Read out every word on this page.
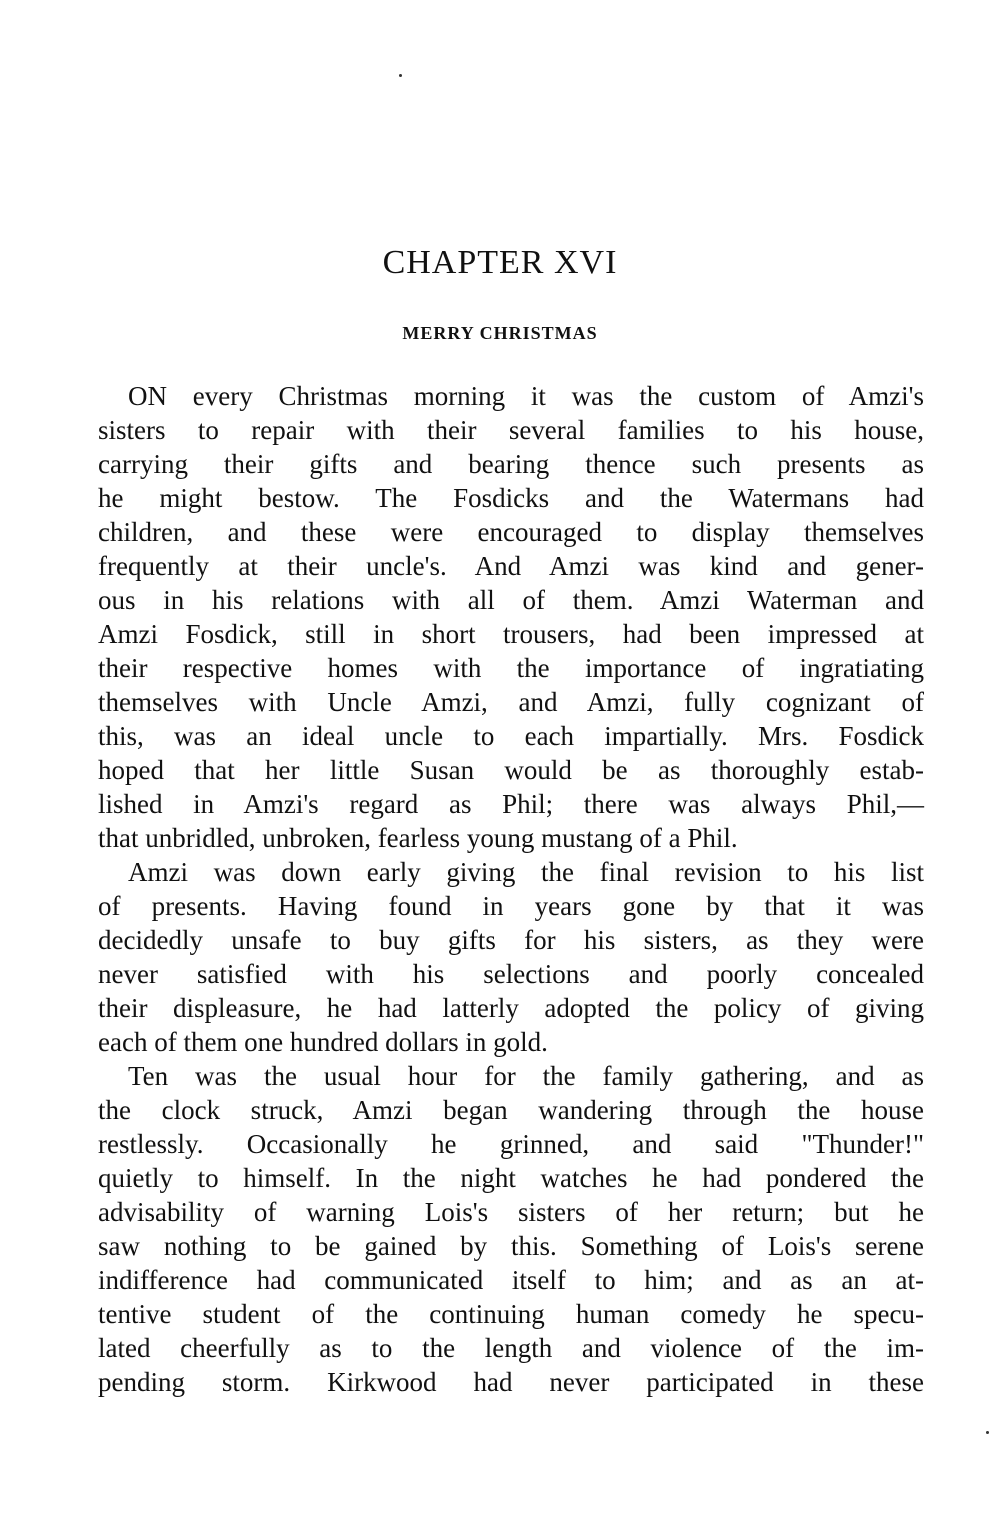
CHAPTER XVI
MERRY CHRISTMAS
ON every Christmas morning it was the custom of Amzi's
sisters to repair with their several families to his house,
carrying their gifts and bearing thence such presents as
he might bestow. The Fosdicks and the Watermans had
children, and these were encouraged to display themselves
frequently at their uncle's. And Amzi was kind and gener-
ous in his relations with all of them. Amzi Waterman and
Amzi Fosdick, still in short trousers, had been impressed at
their respective homes with the importance of ingratiating
themselves with Uncle Amzi, and Amzi, fully cognizant of
this, was an ideal uncle to each impartially. Mrs. Fosdick
hoped that her little Susan would be as thoroughly estab-
lished in Amzi's regard as Phil; there was always Phil,—
that unbridled, unbroken, fearless young mustang of a Phil.
Amzi was down early giving the final revision to his list
of presents. Having found in years gone by that it was
decidedly unsafe to buy gifts for his sisters, as they were
never satisfied with his selections and poorly concealed
their displeasure, he had latterly adopted the policy of giving
each of them one hundred dollars in gold.
Ten was the usual hour for the family gathering, and as
the clock struck, Amzi began wandering through the house
restlessly. Occasionally he grinned, and said "Thunder!"
quietly to himself. In the night watches he had pondered the
advisability of warning Lois's sisters of her return; but he
saw nothing to be gained by this. Something of Lois's serene
indifference had communicated itself to him; and as an at-
tentive student of the continuing human comedy he specu-
lated cheerfully as to the length and violence of the im-
pending storm. Kirkwood had never participated in these
